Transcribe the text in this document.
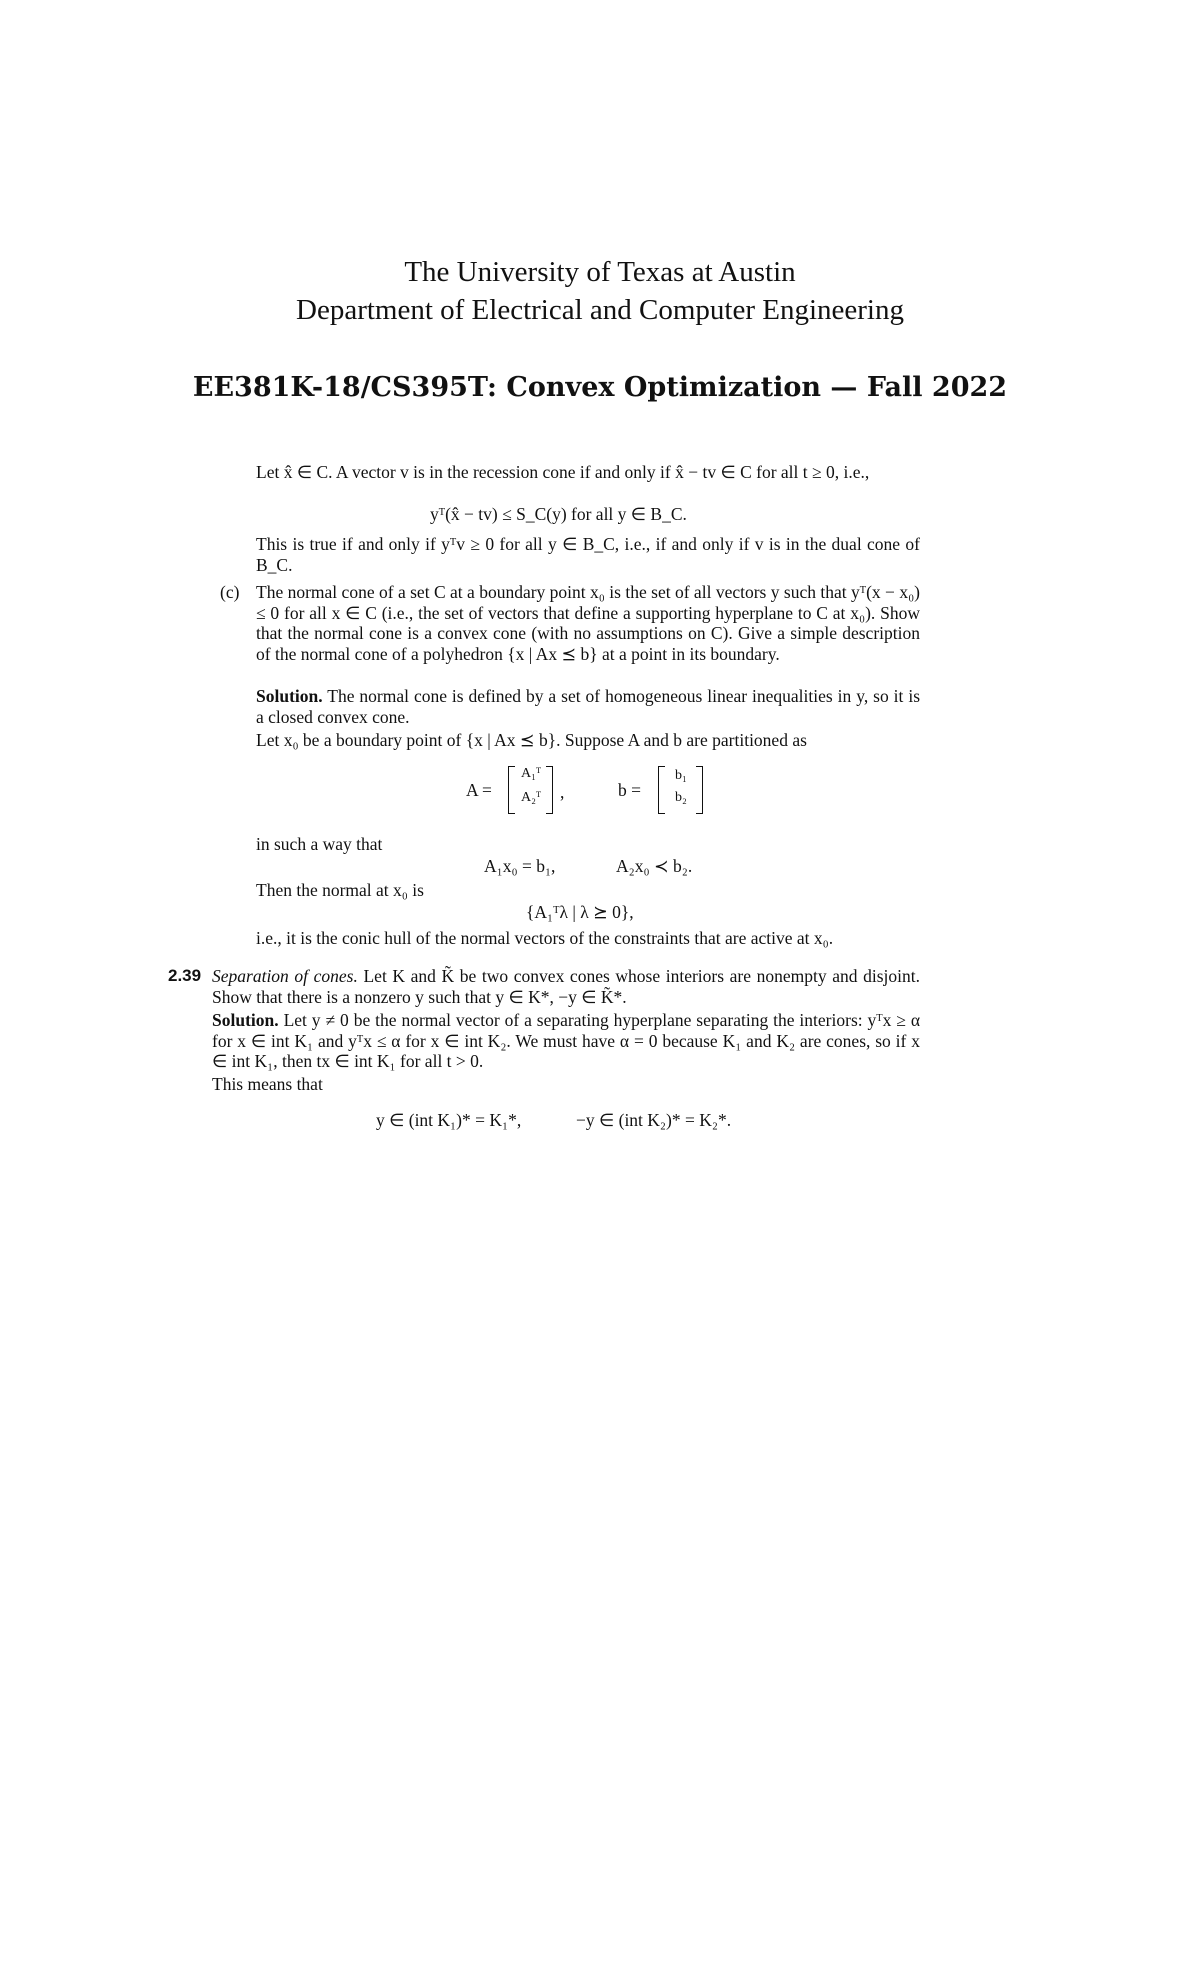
The University of Texas at Austin
Department of Electrical and Computer Engineering
EE381K-18/CS395T: Convex Optimization — Fall 2022
Let x̂ ∈ C. A vector v is in the recession cone if and only if x̂ − tv ∈ C for all t ≥ 0, i.e.,
yᵀ(x̂ − tv) ≤ S_C(y) for all y ∈ B_C.
This is true if and only if yᵀv ≥ 0 for all y ∈ B_C, i.e., if and only if v is in the dual cone of B_C.
(c) The normal cone of a set C at a boundary point x₀ is the set of all vectors y such that yᵀ(x − x₀) ≤ 0 for all x ∈ C (i.e., the set of vectors that define a supporting hyperplane to C at x₀). Show that the normal cone is a convex cone (with no assumptions on C). Give a simple description of the normal cone of a polyhedron {x | Ax ⪯ b} at a point in its boundary.
Solution. The normal cone is defined by a set of homogeneous linear inequalities in y, so it is a closed convex cone.
Let x₀ be a boundary point of {x | Ax ⪯ b}. Suppose A and b are partitioned as
A =
A₁ᵀ
A₂ᵀ ,	b =
b₁
b₂
in such a way that
A₁x₀ = b₁,	A₂x₀ ≺ b₂.
Then the normal at x₀ is
{A₁ᵀλ | λ ⪰ 0},
i.e., it is the conic hull of the normal vectors of the constraints that are active at x₀.
2.39 Separation of cones. Let K and K̃ be two convex cones whose interiors are nonempty and disjoint. Show that there is a nonzero y such that y ∈ K*, −y ∈ K̃*.
Solution. Let y ≠ 0 be the normal vector of a separating hyperplane separating the interiors: yᵀx ≥ α for x ∈ int K₁ and yᵀx ≤ α for x ∈ int K₂. We must have α = 0 because K₁ and K₂ are cones, so if x ∈ int K₁, then tx ∈ int K₁ for all t > 0.
This means that
y ∈ (int K₁)* = K₁*,	−y ∈ (int K₂)* = K₂*.
